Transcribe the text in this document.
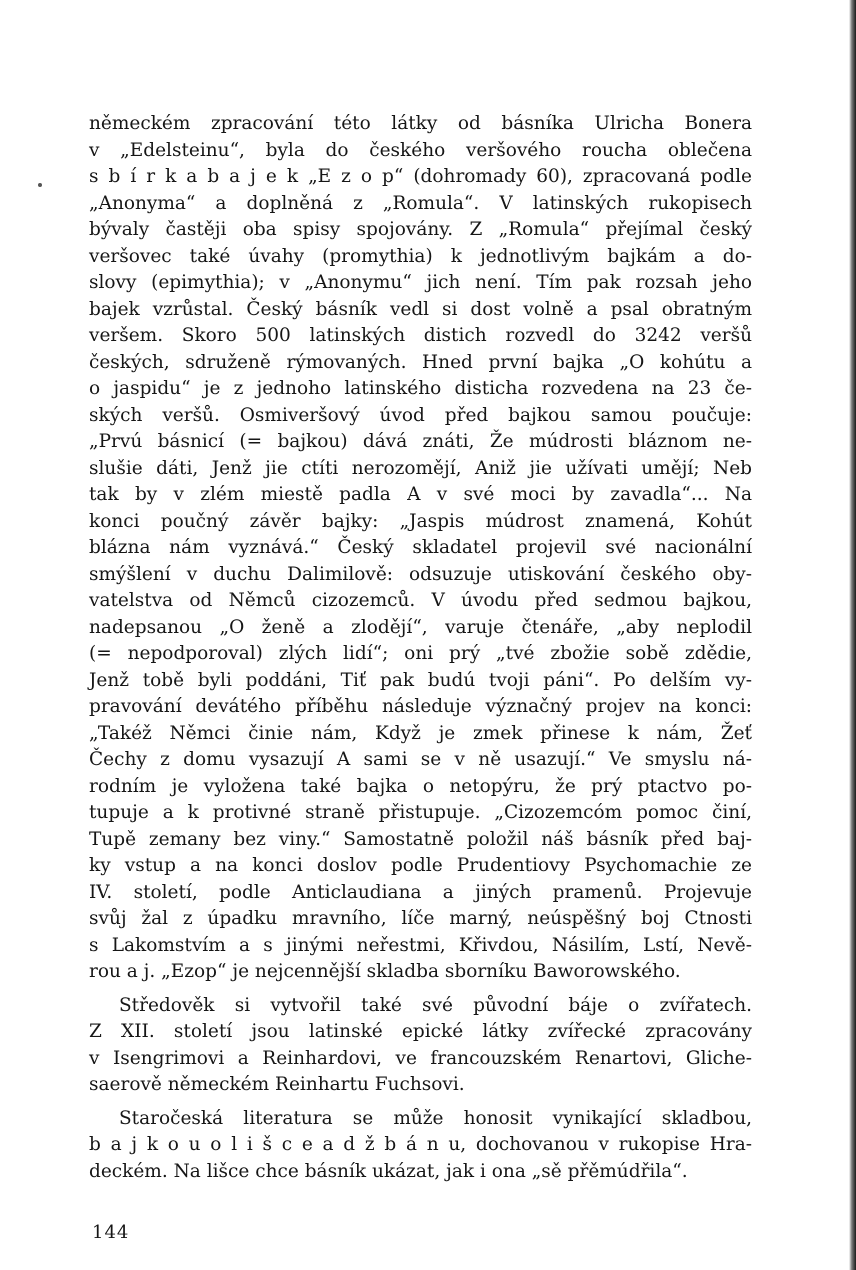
německém zpracování této látky od básníka Ulricha Bonera
v „Edelsteinu“, byla do českého veršového roucha oblečena
s b í r k a b a j e k „E z o p“ (dohromady 60), zpracovaná podle
„Anonyma“ a doplněná z „Romula“. V latinských rukopisech
bývaly častěji oba spisy spojovány. Z „Romula“ přejímal český
veršovec také úvahy (promythia) k jednotlivým bajkám a do-
slovy (epimythia); v „Anonymu“ jich není. Tím pak rozsah jeho
bajek vzrůstal. Český básník vedl si dost volně a psal obratným
veršem. Skoro 500 latinských distich rozvedl do 3242 veršů
českých, sdruženě rýmovaných. Hned první bajka „O kohútu a
o jaspidu“ je z jednoho latinského disticha rozvedena na 23 če-
ských veršů. Osmiveršový úvod před bajkou samou poučuje:
„Prvú básnicí (= bajkou) dává znáti, Že múdrosti bláznom ne-
slušie dáti, Jenž jie ctíti nerozomějí, Aniž jie užívati umějí; Neb
tak by v zlém miestě padla A v své moci by zavadla“... Na
konci poučný závěr bajky: „Jaspis múdrost znamená, Kohút
blázna nám vyznává.“ Český skladatel projevil své nacionální
smýšlení v duchu Dalimilově: odsuzuje utiskování českého oby-
vatelstva od Němců cizozemců. V úvodu před sedmou bajkou,
nadepsanou „O ženě a zlodějí“, varuje čtenáře, „aby neplodil
(= nepodporoval) zlých lidí“; oni prý „tvé zbožie sobě zdědie,
Jenž tobě byli poddáni, Tiť pak budú tvoji páni“. Po delším vy-
pravování devátého příběhu následuje význačný projev na konci:
„Takéž Němci činie nám, Když je zmek přinese k nám, Žeť
Čechy z domu vysazují A sami se v ně usazují.“ Ve smyslu ná-
rodním je vyložena také bajka o netopýru, že prý ptactvo po-
tupuje a k protivné straně přistupuje. „Cizozemcóm pomoc činí,
Tupě zemany bez viny.“ Samostatně položil náš básník před baj-
ky vstup a na konci doslov podle Prudentiovy Psychomachie ze
IV. století, podle Anticlaudiana a jiných pramenů. Projevuje
svůj žal z úpadku mravního, líče marný, neúspěšný boj Ctnosti
s Lakomstvím a s jinými neřestmi, Křivdou, Násilím, Lstí, Nevě-
rou a j. „Ezop“ je nejcennější skladba sborníku Baworowského.
Středověk si vytvořil také své původní báje o zvířatech.
Z XII. století jsou latinské epické látky zvířecké zpracovány
v Isengrimovi a Reinhardovi, ve francouzském Renartovi, Gliche-
saerově německém Reinhartu Fuchsovi.
Staročeská literatura se může honosit vynikající skladbou,
b a j k o u o l i š c e a d ž b á n u, dochovanou v rukopise Hra-
deckém. Na lišce chce básník ukázat, jak i ona „sě přěmúdřila“.
144
